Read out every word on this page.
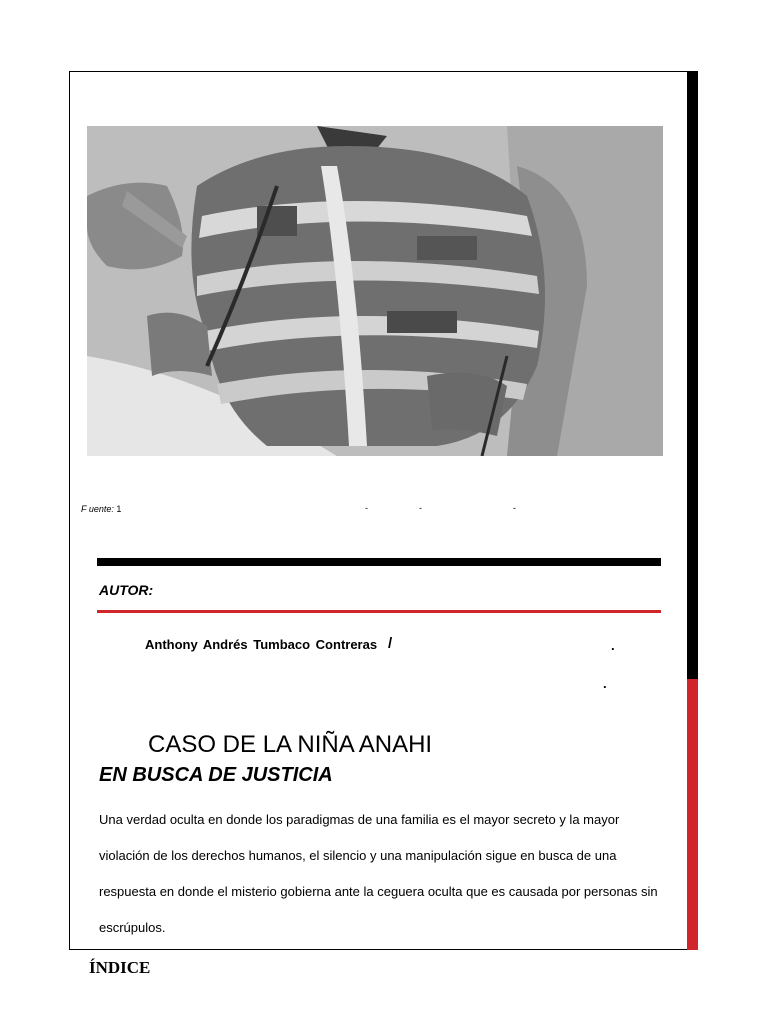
F uente: 1	-	-	-
AUTOR:
Anthony Andrés Tumbaco Contreras /	.
.
CASO DE LA NIÑA ANAHI
EN BUSCA DE JUSTICIA
Una verdad oculta en donde los paradigmas de una familia es el mayor secreto y la mayor violación de los derechos humanos, el silencio y una manipulación sigue en busca de una respuesta en donde el misterio gobierna ante la ceguera oculta que es causada por personas sin escrúpulos.
ÍNDICE
